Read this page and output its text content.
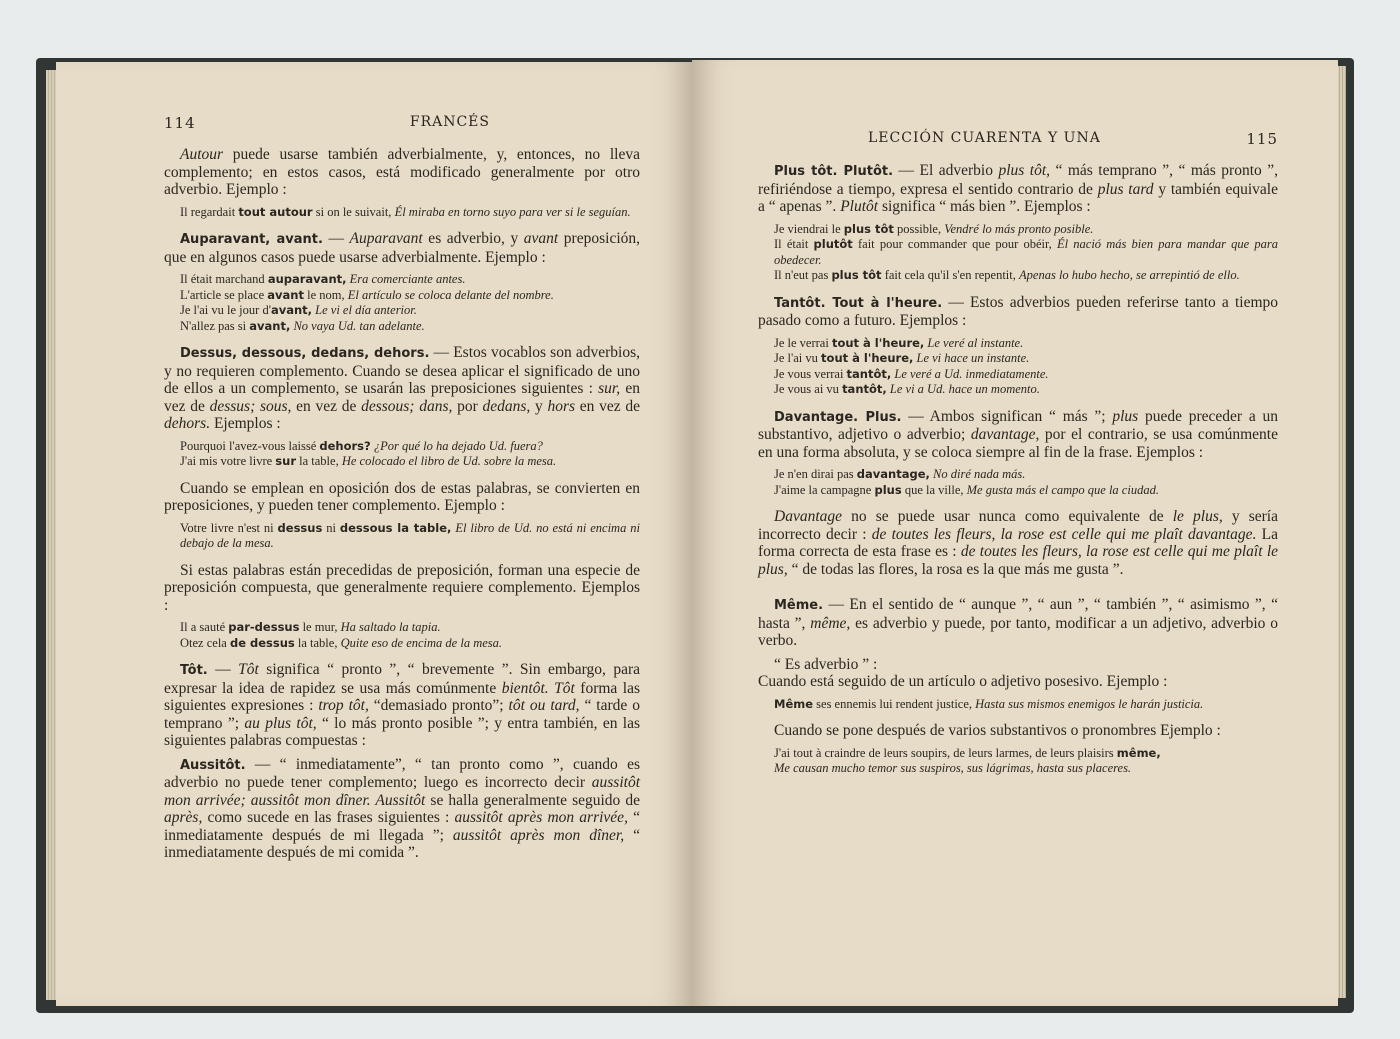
114	FRANCÉS

Autour puede usarse también adverbialmente, y, entonces, no lleva complemento; en estos casos, está modificado generalmente por otro adverbio. Ejemplo :

Il regardait tout autour si on le suivait, Él miraba en torno suyo para ver si le seguían.

Auparavant, avant. — Auparavant es adverbio, y avant preposición, que en algunos casos puede usarse adverbialmente. Ejemplo :

Il était marchand auparavant, Era comerciante antes.
L'article se place avant le nom, El artículo se coloca delante del nombre.
Je l'ai vu le jour d'avant, Le vi el día anterior.
N'allez pas si avant, No vaya Ud. tan adelante.

Dessus, dessous, dedans, dehors. — Estos vocablos son adverbios, y no requieren complemento. Cuando se desea aplicar el significado de uno de ellos a un complemento, se usarán las preposiciones siguientes : sur, en vez de dessus; sous, en vez de dessous; dans, por dedans, y hors en vez de dehors. Ejemplos :

Pourquoi l'avez-vous laissé dehors? ¿Por qué lo ha dejado Ud. fuera?
J'ai mis votre livre sur la table, He colocado el libro de Ud. sobre la mesa.

Cuando se emplean en oposición dos de estas palabras, se convierten en preposiciones, y pueden tener complemento. Ejemplo :

Votre livre n'est ni dessus ni dessous la table, El libro de Ud. no está ni encima ni debajo de la mesa.

Si estas palabras están precedidas de preposición, forman una especie de preposición compuesta, que generalmente requiere complemento. Ejemplos :

Il a sauté par-dessus le mur, Ha saltado la tapia.
Otez cela de dessus la table, Quite eso de encima de la mesa.

Tôt. — Tôt significa “ pronto ”, “ brevemente ”. Sin embargo, para expresar la idea de rapidez se usa más comúnmente bientôt. Tôt forma las siguientes expresiones : trop tôt, “demasiado pronto”; tôt ou tard, “ tarde o temprano ”; au plus tôt, “ lo más pronto posible ”; y entra también, en las siguientes palabras compuestas :

Aussitôt. — “ inmediatamente”, “ tan pronto como ”, cuando es adverbio no puede tener complemento; luego es incorrecto decir aussitôt mon arrivée; aussitôt mon dîner. Aussitôt se halla generalmente seguido de après, como sucede en las frases siguientes : aussitôt après mon arrivée, “ inmediatamente después de mi llegada ”; aussitôt après mon dîner, “ inmediatamente después de mi comida ”.

LECCIÓN CUARENTA Y UNA	115

Plus tôt. Plutôt. — El adverbio plus tôt, “ más temprano ”, “ más pronto ”, refiriéndose a tiempo, expresa el sentido contrario de plus tard y también equivale a “ apenas ”. Plutôt significa “ más bien ”. Ejemplos :

Je viendrai le plus tôt possible, Vendré lo más pronto posible.
Il était plutôt fait pour commander que pour obéir, Él nació más bien para mandar que para obedecer.
Il n'eut pas plus tôt fait cela qu'il s'en repentit, Apenas lo hubo hecho, se arrepintió de ello.

Tantôt. Tout à l'heure. — Estos adverbios pueden referirse tanto a tiempo pasado como a futuro. Ejemplos :

Je le verrai tout à l'heure, Le veré al instante.
Je l'ai vu tout à l'heure, Le vi hace un instante.
Je vous verrai tantôt, Le veré a Ud. inmediatamente.
Je vous ai vu tantôt, Le vi a Ud. hace un momento.

Davantage. Plus. — Ambos significan “ más ”; plus puede preceder a un substantivo, adjetivo o adverbio; davantage, por el contrario, se usa comúnmente en una forma absoluta, y se coloca siempre al fin de la frase. Ejemplos :

Je n'en dirai pas davantage, No diré nada más.
J'aime la campagne plus que la ville, Me gusta más el campo que la ciudad.

Davantage no se puede usar nunca como equivalente de le plus, y sería incorrecto decir : de toutes les fleurs, la rose est celle qui me plaît davantage. La forma correcta de esta frase es : de toutes les fleurs, la rose est celle qui me plaît le plus, “ de todas las flores, la rosa es la que más me gusta ”.

Même. — En el sentido de “ aunque ”, “ aun ”, “ también ”, “ asimismo ”, “ hasta ”, même, es adverbio y puede, por tanto, modificar a un adjetivo, adverbio o verbo.

“ Es adverbio ” :

Cuando está seguido de un artículo o adjetivo posesivo. Ejemplo :

Même ses ennemis lui rendent justice, Hasta sus mismos enemigos le harán justicia.

Cuando se pone después de varios substantivos o pronombres Ejemplo :

J'ai tout à craindre de leurs soupirs, de leurs larmes, de leurs plaisirs même,
Me causan mucho temor sus suspiros, sus lágrimas, hasta sus placeres.
